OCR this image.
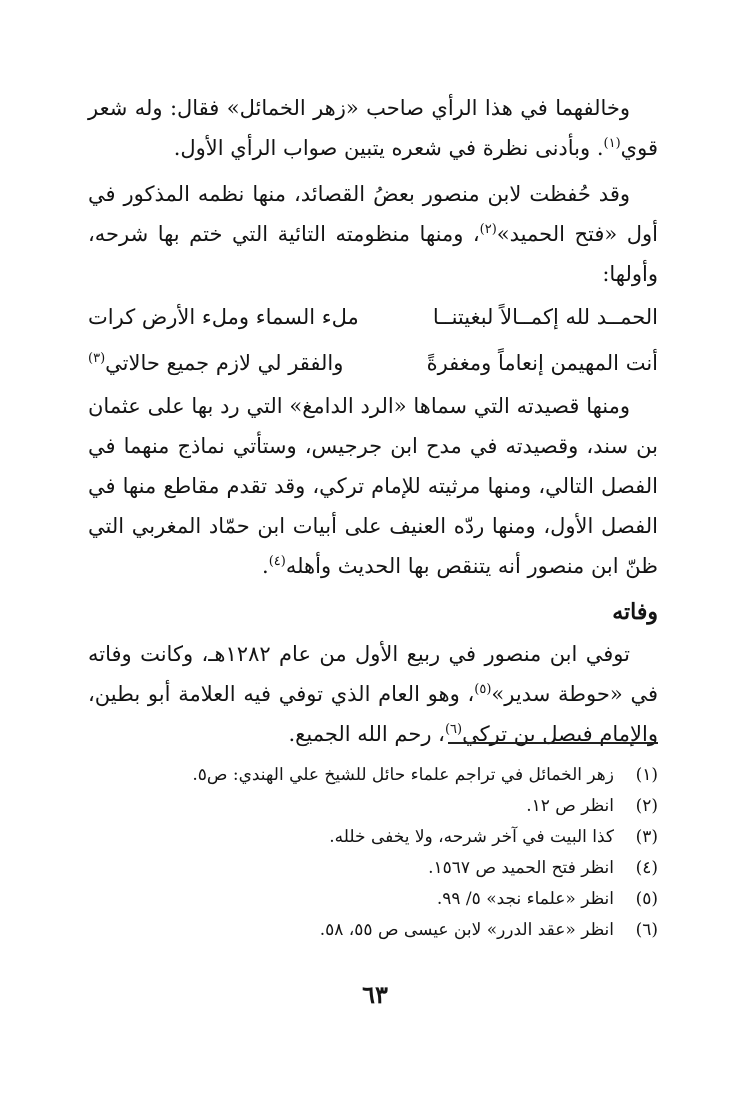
وخالفهما في هذا الرأي صاحب «زهر الخمائل» فقال: وله شعر قوي$^{(١)}$. وبأدنى نظرة في شعره يتبين صواب الرأي الأول.

وقد حُفظت لابن منصور بعضُ القصائد، منها نظمه المذكور في أول «فتح الحميد»$^{(٢)}$، ومنها منظومته التائية التي ختم بها شرحه، وأولها:

الحمــد لله إكمــالاً لبغيتنــا
ملء السماء وملء الأرض كرات
أنت المهيمن إنعاماً ومغفرةً
والفقر لي لازم جميع حالاتي$^{(٣)}$

ومنها قصيدته التي سماها «الرد الدامغ» التي رد بها على عثمان بن سند، وقصيدته في مدح ابن جرجيس، وستأتي نماذج منهما في الفصل التالي، ومنها مرثيته للإمام تركي، وقد تقدم مقاطع منها في الفصل الأول، ومنها ردّه العنيف على أبيات ابن حمّاد المغربي التي ظنّ ابن منصور أنه يتنقص بها الحديث وأهله$^{(٤)}$.

وفاته

توفي ابن منصور في ربيع الأول من عام ١٢٨٢هـ، وكانت وفاته في «حوطة سدير»$^{(٥)}$، وهو العام الذي توفي فيه العلامة أبو بطين، والإمام فيصل بن تركي$^{(٦)}$، رحم الله الجميع.

(١)
زهر الخمائل في تراجم علماء حائل للشيخ علي الهندي: ص٥.
(٢)
انظر ص ١٢.
(٣)
كذا البيت في آخر شرحه، ولا يخفى خلله.
(٤)
انظر فتح الحميد ص ١٥٦٧.
(٥)
انظر «علماء نجد» ٥/ ٩٩.
(٦)
انظر «عقد الدرر» لابن عيسى ص ٥٥، ٥٨.
٦٣
